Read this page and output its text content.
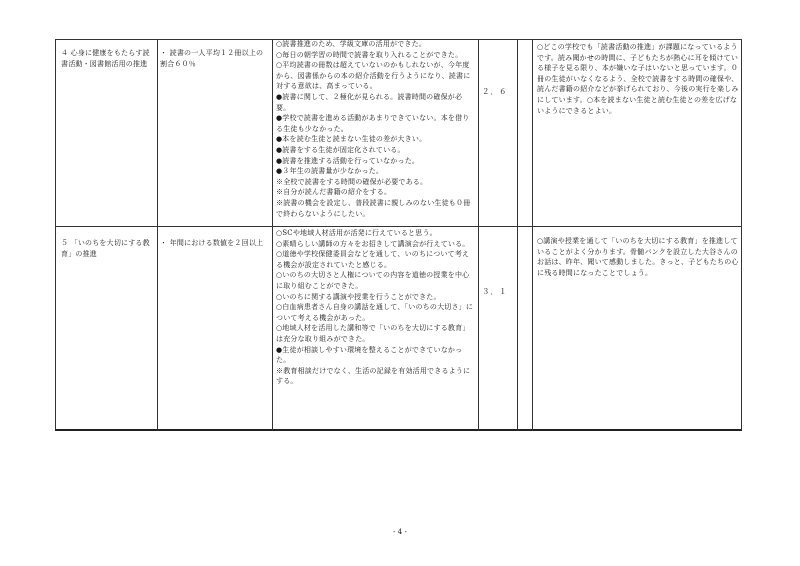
４ 心身に健康をもたらす読書活動・図書館活用の推進

・ 読書の一人平均１２冊以上の割合６０％

○読書推進のため、学級文庫の活用ができた。

○毎日の朝学習の時間で読書を取り入れることができた。

○平均読書の冊数は超えていないのかもしれないが、今年度から、図書係からの本の紹介活動を行うようになり、読書に対する意欲は、高まっている。

●読書に関して、２極化が見られる。読書時間の確保が必要。

●学校で読書を進める活動があまりできていない。本を借りる生徒も少なかった。

●本を読む生徒と読まない生徒の差が大きい。

●読書をする生徒が固定化されている。

●読書を推進する活動を行っていなかった。

●３年生の読書量が少なかった。

※全校で読書をする時間の確保が必要である。

※自分が読んだ書籍の紹介をする。

※読書の機会を設定し、普段読書に親しみのない生徒も０冊で終わらないようにしたい。

２．６

○どこの学校でも「読書活動の推進」が課題になっているようです。読み聞かせの時間に、子どもたちが熱心に耳を傾けている様子を見る限り、本が嫌いな子はいないと思っています。０冊の生徒がいなくなるよう、全校で読書をする時間の確保や、読んだ書籍の紹介などが挙げられており、今後の実行を楽しみにしています。○本を読まない生徒と読む生徒との差を広げないようにできるとよい。

５ 「いのちを大切にする教育」の推進

・ 年間における数値を２回以上

○SCや地域人材活用が活発に行えていると思う。

○素晴らしい講師の方々をお招きして講演会が行えている。

○道徳や学校保健委員会などを通して、いのちについて考える機会が設定されていたと感じる。

○いのちの大切さと人権についての内容を道徳の授業を中心に取り組むことができた。

○いのちに関する講演や授業を行うことができた。

○白血病患者さん自身の講話を通して、「いのちの大切さ」について考える機会があった。

○地域人材を活用した講和等で「いのちを大切にする教育」は充分な取り組みができた。

●生徒が相談しやすい環境を整えることができていなかった。

※教育相談だけでなく、生活の記録を有効活用できるようにする。

３．１

○講演や授業を通して「いのちを大切にする教育」を推進していることがよく分かります。骨髄バンクを設立した大谷さんのお話は、昨年、聞いて感動しました。きっと、子どもたちの心に残る時間になったことでしょう。

- 4 -
